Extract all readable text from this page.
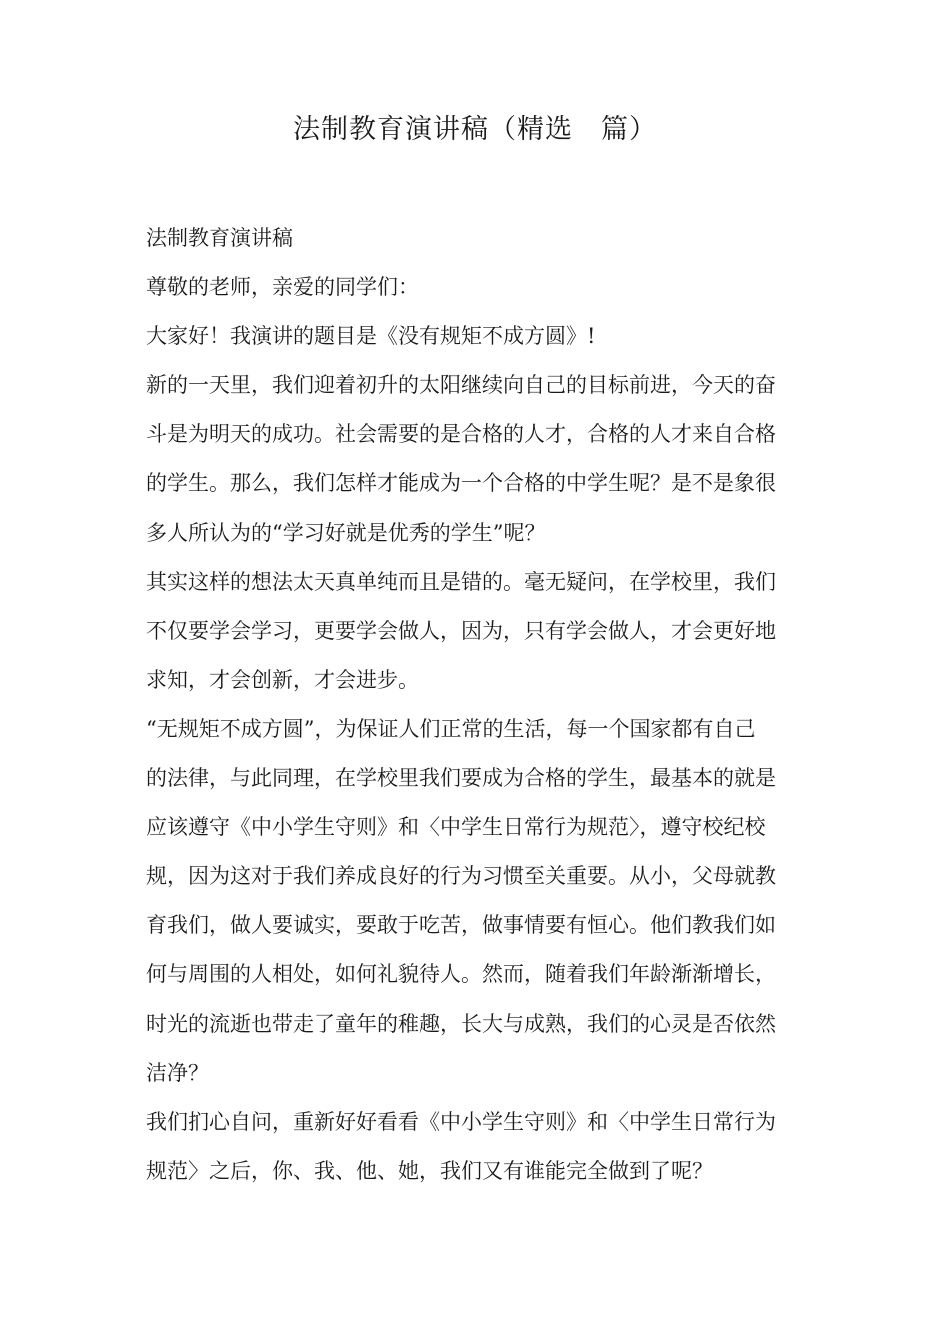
法制教育演讲稿（精选　篇）
法制教育演讲稿
尊敬的老师，亲爱的同学们：
大家好！我演讲的题目是《没有规矩不成方圆》!
新的一天里，我们迎着初升的太阳继续向自己的目标前进，今天的奋
斗是为明天的成功。社会需要的是合格的人才，合格的人才来自合格
的学生。那么，我们怎样才能成为一个合格的中学生呢？是不是象很
多人所认为的“学习好就是优秀的学生”呢？
其实这样的想法太天真单纯而且是错的。毫无疑问，在学校里，我们
不仅要学会学习，更要学会做人，因为，只有学会做人，才会更好地
求知，才会创新，才会进步。
“无规矩不成方圆”，为保证人们正常的生活，每一个国家都有自己
的法律，与此同理，在学校里我们要成为合格的学生，最基本的就是
应该遵守《中小学生守则》和〈中学生日常行为规范〉，遵守校纪校
规，因为这对于我们养成良好的行为习惯至关重要。从小，父母就教
育我们，做人要诚实，要敢于吃苦，做事情要有恒心。他们教我们如
何与周围的人相处，如何礼貌待人。然而，随着我们年龄渐渐增长，
时光的流逝也带走了童年的稚趣，长大与成熟，我们的心灵是否依然
洁净？
我们扪心自问，重新好好看看《中小学生守则》和〈中学生日常行为
规范〉之后，你、我、他、她，我们又有谁能完全做到了呢？
